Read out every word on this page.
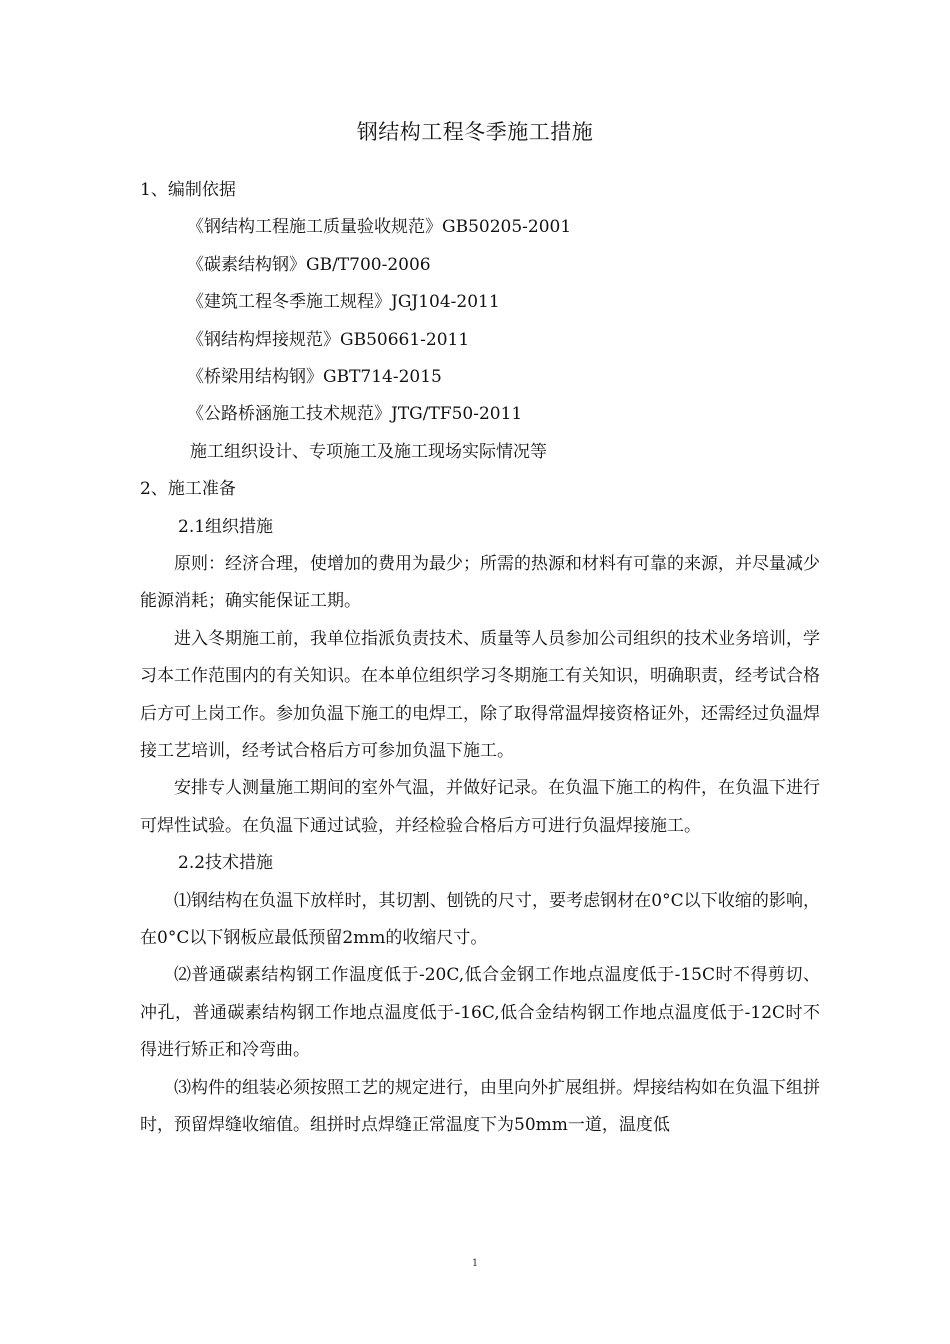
钢结构工程冬季施工措施
1、编制依据
《钢结构工程施工质量验收规范》GB50205-2001
《碳素结构钢》GB/T700-2006
《建筑工程冬季施工规程》JGJ104-2011
《钢结构焊接规范》GB50661-2011
《桥梁用结构钢》GBT714-2015
《公路桥涵施工技术规范》JTG/TF50-2011
施工组织设计、专项施工及施工现场实际情况等
2、施工准备
2.1组织措施

原则：经济合理，使增加的费用为最少；所需的热源和材料有可靠的来源，并尽量减少能源消耗；确实能保证工期。

进入冬期施工前，我单位指派负责技术、质量等人员参加公司组织的技术业务培训，学习本工作范围内的有关知识。在本单位组织学习冬期施工有关知识，明确职责，经考试合格后方可上岗工作。参加负温下施工的电焊工，除了取得常温焊接资格证外，还需经过负温焊接工艺培训，经考试合格后方可参加负温下施工。

安排专人测量施工期间的室外气温，并做好记录。在负温下施工的构件，在负温下进行可焊性试验。在负温下通过试验，并经检验合格后方可进行负温焊接施工。

2.2技术措施

⑴钢结构在负温下放样时，其切割、刨铣的尺寸，要考虑钢材在0°C以下收缩的影响，在0°C以下钢板应最低预留2mm的收缩尺寸。

⑵普通碳素结构钢工作温度低于-20C,低合金钢工作地点温度低于-15C时不得剪切、冲孔，普通碳素结构钢工作地点温度低于-16C,低合金结构钢工作地点温度低于-12C时不得进行矫正和冷弯曲。

⑶构件的组装必须按照工艺的规定进行，由里向外扩展组拼。焊接结构如在负温下组拼时，预留焊缝收缩值。组拼时点焊缝正常温度下为50mm一道，温度低

1
